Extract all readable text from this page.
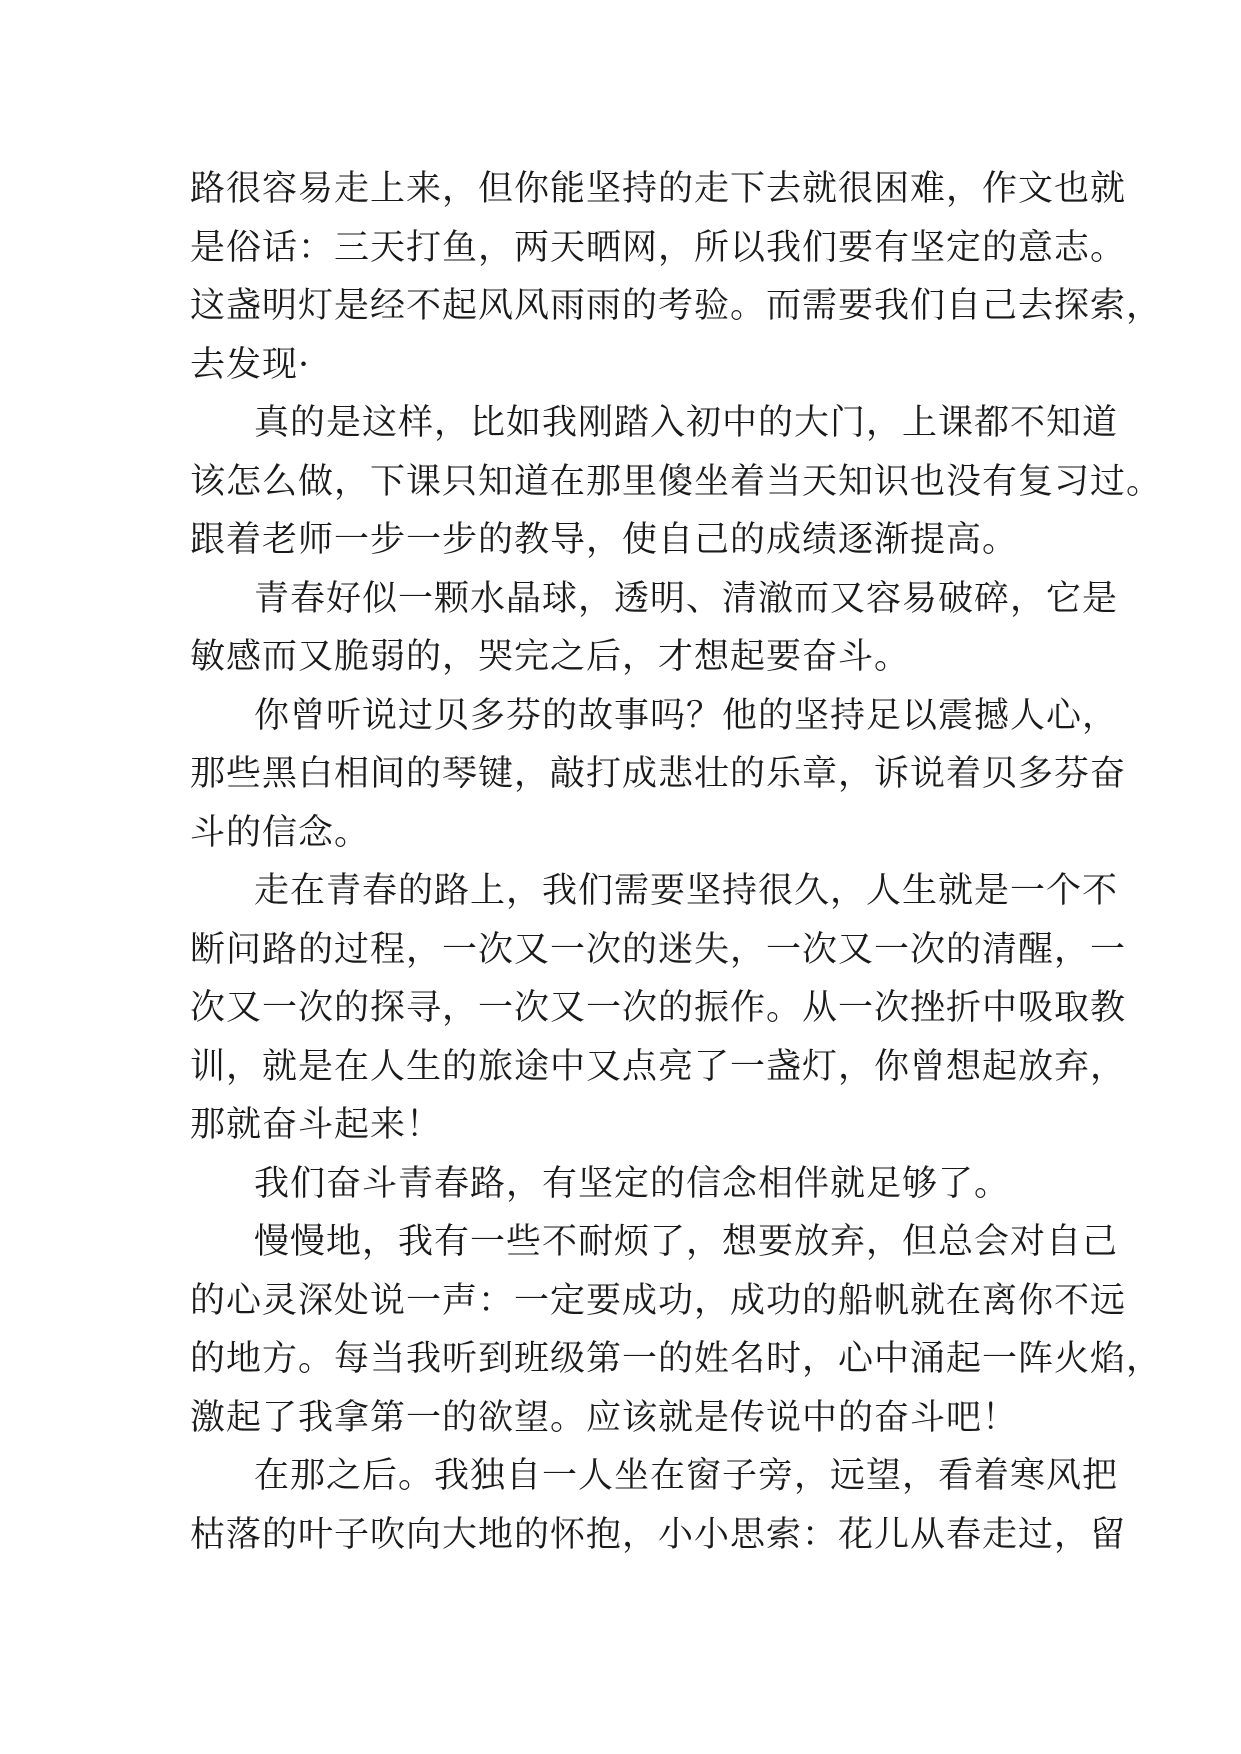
路很容易走上来，但你能坚持的走下去就很困难，作文也就
是俗话：三天打鱼，两天晒网，所以我们要有坚定的意志。
这盏明灯是经不起风风雨雨的考验。而需要我们自己去探索，
去发现·
真的是这样，比如我刚踏入初中的大门，上课都不知道
该怎么做，下课只知道在那里傻坐着当天知识也没有复习过。
跟着老师一步一步的教导，使自己的成绩逐渐提高。
青春好似一颗水晶球，透明、清澈而又容易破碎，它是
敏感而又脆弱的，哭完之后，才想起要奋斗。
你曾听说过贝多芬的故事吗？他的坚持足以震撼人心，
那些黑白相间的琴键，敲打成悲壮的乐章，诉说着贝多芬奋
斗的信念。
走在青春的路上，我们需要坚持很久，人生就是一个不
断问路的过程，一次又一次的迷失，一次又一次的清醒，一
次又一次的探寻，一次又一次的振作。从一次挫折中吸取教
训，就是在人生的旅途中又点亮了一盏灯，你曾想起放弃，
那就奋斗起来！
我们奋斗青春路，有坚定的信念相伴就足够了。
慢慢地，我有一些不耐烦了，想要放弃，但总会对自己
的心灵深处说一声：一定要成功，成功的船帆就在离你不远
的地方。每当我听到班级第一的姓名时，心中涌起一阵火焰，
激起了我拿第一的欲望。应该就是传说中的奋斗吧！
在那之后。我独自一人坐在窗子旁，远望，看着寒风把
枯落的叶子吹向大地的怀抱，小小思索：花儿从春走过，留
